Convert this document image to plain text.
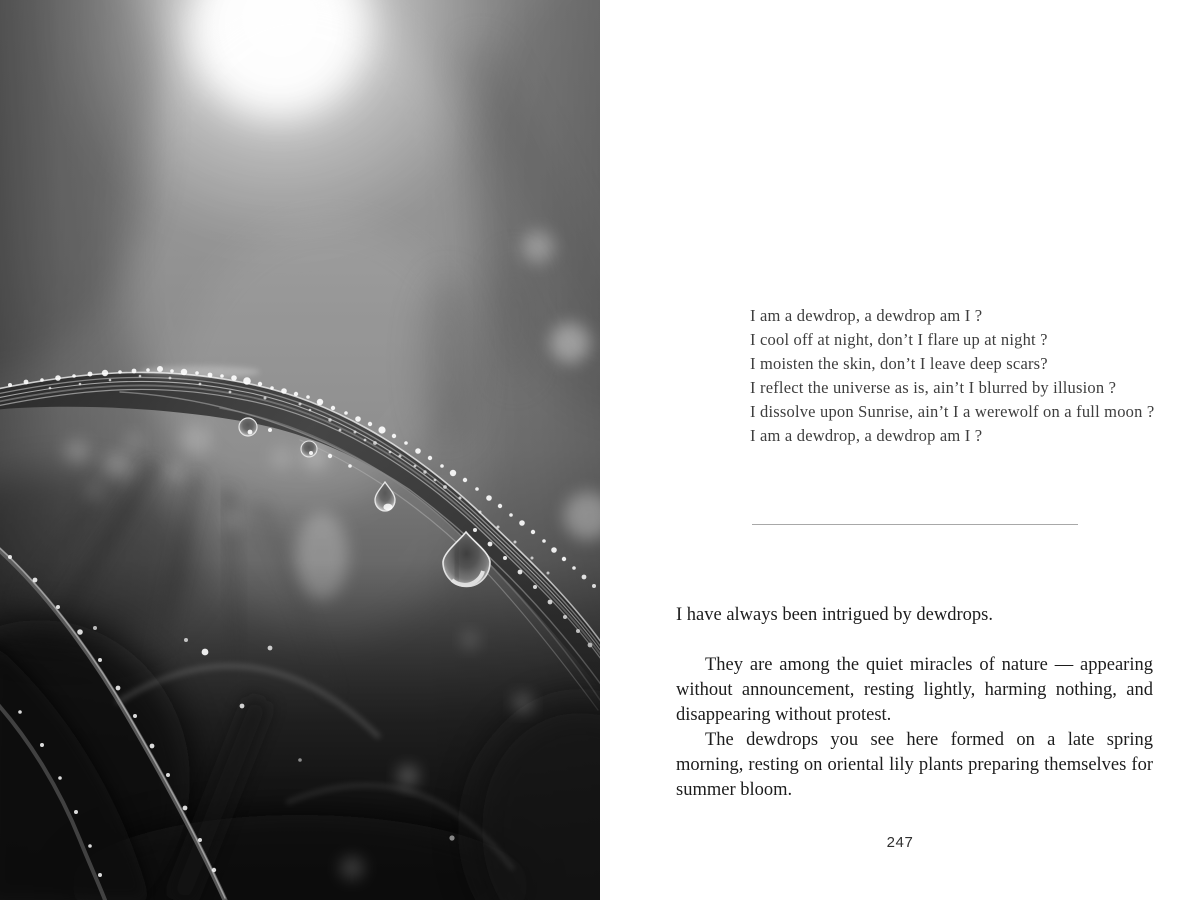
I am a dewdrop, a dewdrop am I ?
I cool off at night, don’t I flare up at night ?
I moisten the skin, don’t I leave deep scars?
I reflect the universe as is, ain’t I blurred by illusion ?
I dissolve upon Sunrise, ain’t I a werewolf on a full moon ?
I am a dewdrop, a dewdrop am I ?

I have always been intrigued by dewdrops.

They are among the quiet miracles of nature — appearing without announcement, resting lightly, harming nothing, and disappearing without protest.

The dewdrops you see here formed on a late spring morning, resting on oriental lily plants preparing themselves for summer bloom.

247
